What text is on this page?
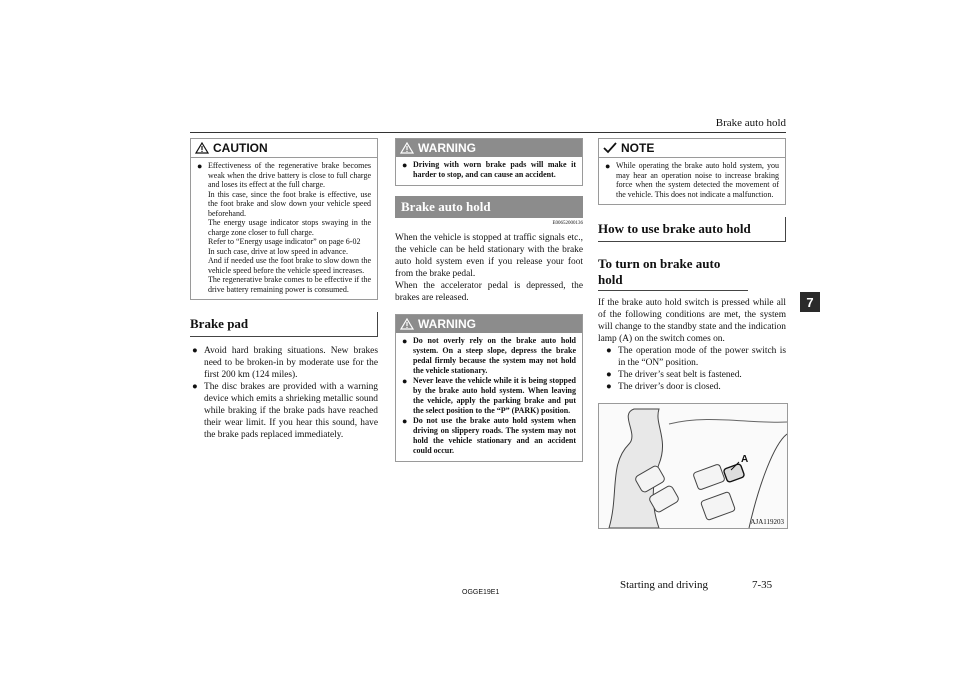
Brake auto hold
7
CAUTION
● Effectiveness of the regenerative brake becomes weak when the drive battery is close to full charge and loses its effect at the full charge.
In this case, since the foot brake is effective, use the foot brake and slow down your vehicle speed beforehand.
The energy usage indicator stops swaying in the charge zone closer to full charge.
Refer to “Energy usage indicator” on page 6-02
In such case, drive at low speed in advance.
And if needed use the foot brake to slow down the vehicle speed before the vehicle speed increases.
The regenerative brake comes to be effective if the drive battery remaining power is consumed.
Brake pad
● Avoid hard braking situations. New brakes need to be broken-in by moderate use for the first 200 km (124 miles).
● The disc brakes are provided with a warning device which emits a shrieking metallic sound while braking if the brake pads have reached their wear limit. If you hear this sound, have the brake pads replaced immediately.
WARNING
● Driving with worn brake pads will make it harder to stop, and can cause an accident.
Brake auto hold
E00652000136
When the vehicle is stopped at traffic signals etc., the vehicle can be held stationary with the brake auto hold system even if you release your foot from the brake pedal.
When the accelerator pedal is depressed, the brakes are released.
WARNING
● Do not overly rely on the brake auto hold system. On a steep slope, depress the brake pedal firmly because the system may not hold the vehicle stationary.
● Never leave the vehicle while it is being stopped by the brake auto hold system. When leaving the vehicle, apply the parking brake and put the select position to the “P” (PARK) position.
● Do not use the brake auto hold system when driving on slippery roads. The system may not hold the vehicle stationary and an accident could occur.
NOTE
● While operating the brake auto hold system, you may hear an operation noise to increase braking force when the system detected the movement of the vehicle. This does not indicate a malfunction.
How to use brake auto hold
To turn on brake auto hold
If the brake auto hold switch is pressed while all of the following conditions are met, the system will change to the standby state and the indication lamp (A) on the switch comes on.
● The operation mode of the power switch is in the “ON” position.
● The driver’s seat belt is fastened.
● The driver’s door is closed.
A
AJA119203
OGGE19E1
Starting and driving	7-35
